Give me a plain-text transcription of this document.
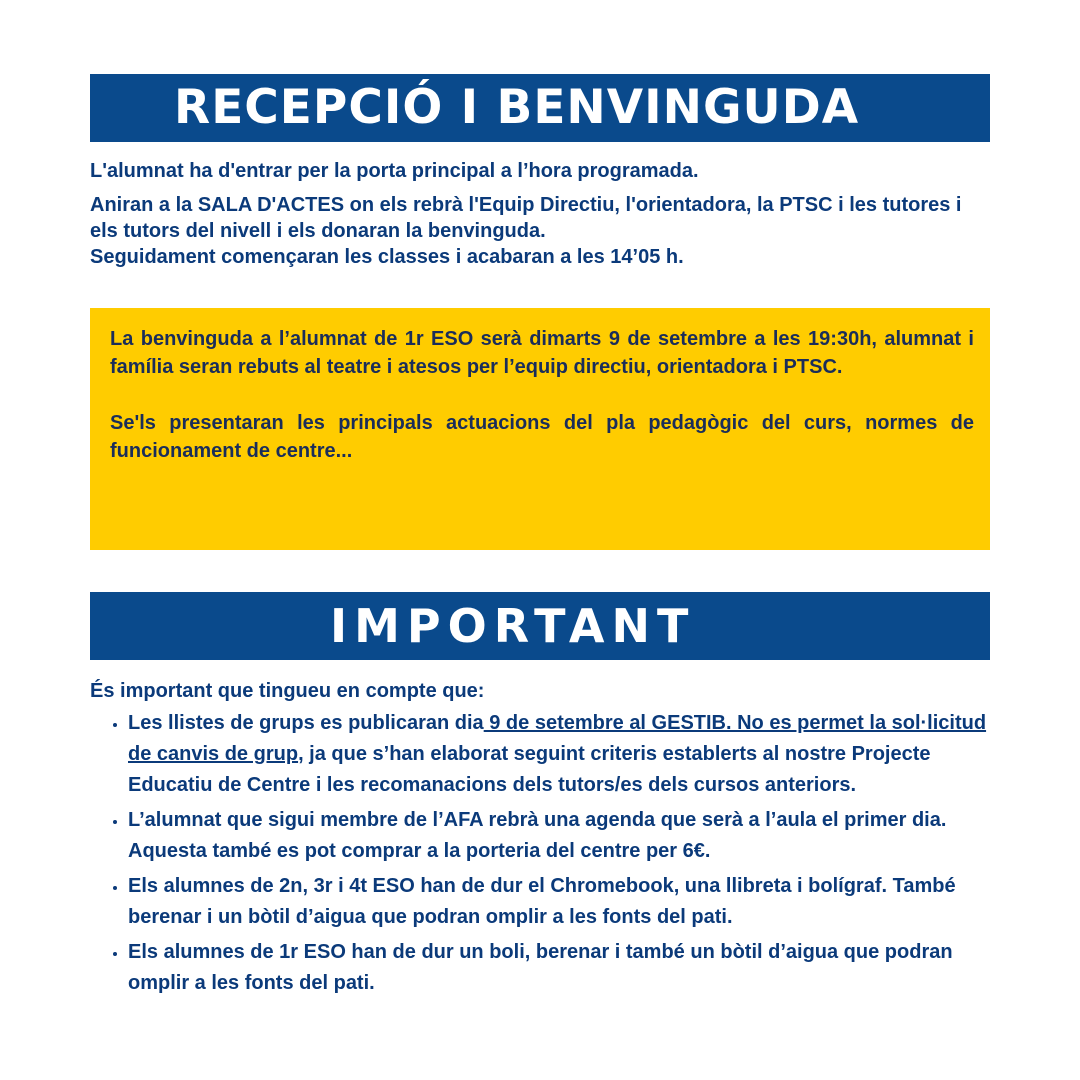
RECEPCIÓ I BENVINGUDA

L'alumnat ha d'entrar per la porta principal a l’hora programada.

Aniran a la SALA D'ACTES on els rebrà l'Equip Directiu, l'orientadora, la PTSC i les tutores i els tutors del nivell i els donaran la benvinguda.

Seguidament començaran les classes i acabaran a les 14’05 h.

La benvinguda a l’alumnat de 1r ESO serà dimarts 9 de setembre a les 19:30h, alumnat i família seran rebuts al teatre i atesos per l’equip directiu, orientadora i PTSC.

Se'ls presentaran les principals actuacions del pla pedagògic del curs, normes de funcionament de centre...

IMPORTANT

És important que tingueu en compte que:

• Les llistes de grups es publicaran dia 9 de setembre al GESTIB. No es permet la sol·licitud de canvis de grup, ja que s’han elaborat seguint criteris establerts al nostre Projecte Educatiu de Centre i les recomanacions dels tutors/es dels cursos anteriors.
• L’alumnat que sigui membre de l’AFA rebrà una agenda que serà a l’aula el primer dia. Aquesta també es pot comprar a la porteria del centre per 6€.
• Els alumnes de 2n, 3r i 4t ESO han de dur el Chromebook, una llibreta i bolígraf. També berenar i un bòtil d’aigua que podran omplir a les fonts del pati.
• Els alumnes de 1r ESO han de dur un boli, berenar i també un bòtil d’aigua que podran omplir a les fonts del pati.
